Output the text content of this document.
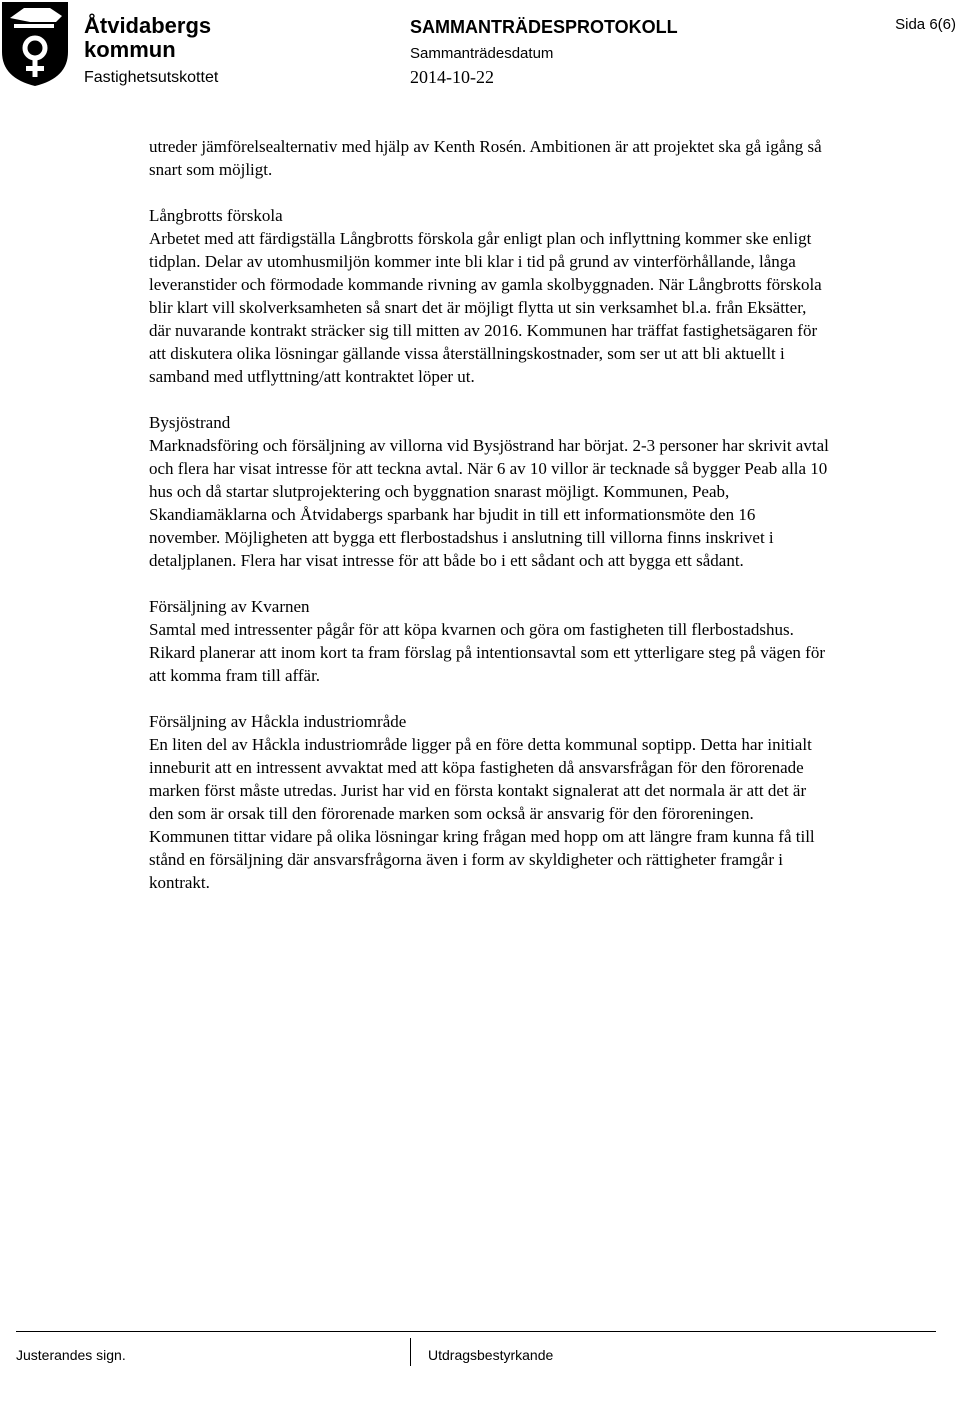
Åtvidabergs
kommun
Fastighetsutskottet
SAMMANTRÄDESPROTOKOLL
Sammanträdesdatum
2014-10-22
Sida 6(6)

utreder jämförelsealternativ med hjälp av Kenth Rosén. Ambitionen är att projektet ska gå igång så snart som möjligt.

Långbrotts förskola

Arbetet med att färdigställa Långbrotts förskola går enligt plan och inflyttning kommer ske enligt tidplan. Delar av utomhusmiljön kommer inte bli klar i tid på grund av vinterförhållande, långa leveranstider och förmodade kommande rivning av gamla skolbyggnaden. När Långbrotts förskola blir klart vill skolverksamheten så snart det är möjligt flytta ut sin verksamhet bl.a. från Eksätter, där nuvarande kontrakt sträcker sig till mitten av 2016. Kommunen har träffat fastighetsägaren för att diskutera olika lösningar gällande vissa återställningskostnader, som ser ut att bli aktuellt i samband med utflyttning/att kontraktet löper ut.

Bysjöstrand

Marknadsföring och försäljning av villorna vid Bysjöstrand har börjat. 2-3 personer har skrivit avtal och flera har visat intresse för att teckna avtal. När 6 av 10 villor är tecknade så bygger Peab alla 10 hus och då startar slutprojektering och byggnation snarast möjligt. Kommunen, Peab, Skandiamäklarna och Åtvidabergs sparbank har bjudit in till ett informationsmöte den 16 november. Möjligheten att bygga ett flerbostadshus i anslutning till villorna finns inskrivet i detaljplanen. Flera har visat intresse för att både bo i ett sådant och att bygga ett sådant.

Försäljning av Kvarnen

Samtal med intressenter pågår för att köpa kvarnen och göra om fastigheten till flerbostadshus. Rikard planerar att inom kort ta fram förslag på intentionsavtal som ett ytterligare steg på vägen för att komma fram till affär.

Försäljning av Håckla industriområde

En liten del av Håckla industriområde ligger på en före detta kommunal soptipp. Detta har initialt inneburit att en intressent avvaktat med att köpa fastigheten då ansvarsfrågan för den förorenade marken först måste utredas. Jurist har vid en första kontakt signalerat att det normala är att det är den som är orsak till den förorenade marken som också är ansvarig för den föroreningen. Kommunen tittar vidare på olika lösningar kring frågan med hopp om att längre fram kunna få till stånd en försäljning där ansvarsfrågorna även i form av skyldigheter och rättigheter framgår i kontrakt.

Justerandes sign.	Utdragsbestyrkande
